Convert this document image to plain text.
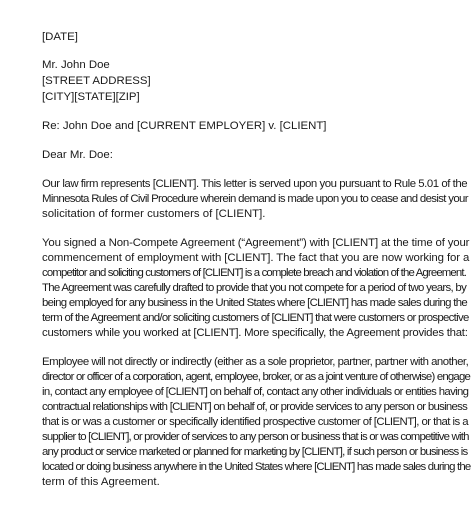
[DATE]
Mr. John Doe
[STREET ADDRESS]
[CITY][STATE][ZIP]
Re: John Doe and [CURRENT EMPLOYER] v. [CLIENT]
Dear Mr. Doe:
Our law firm represents [CLIENT]. This letter is served upon you pursuant to Rule 5.01 of the
Minnesota Rules of Civil Procedure wherein demand is made upon you to cease and desist your
solicitation of former customers of [CLIENT].
You signed a Non-Compete Agreement (“Agreement”) with [CLIENT] at the time of your
commencement of employment with [CLIENT]. The fact that you are now working for a
competitor and soliciting customers of [CLIENT] is a complete breach and violation of the Agreement.
The Agreement was carefully drafted to provide that you not compete for a period of two years, by
being employed for any business in the United States where [CLIENT] has made sales during the
term of the Agreement and/or soliciting customers of [CLIENT] that were customers or prospective
customers while you worked at [CLIENT]. More specifically, the Agreement provides that:
Employee will not directly or indirectly (either as a sole proprietor, partner, partner with another,
director or officer of a corporation, agent, employee, broker, or as a joint venture of otherwise) engage
in, contact any employee of [CLIENT] on behalf of, contact any other individuals or entities having
contractual relationships with [CLIENT] on behalf of, or provide services to any person or business
that is or was a customer or specifically identified prospective customer of [CLIENT], or that is a
supplier to [CLIENT], or provider of services to any person or business that is or was competitive with
any product or service marketed or planned for marketing by [CLIENT], if such person or business is
located or doing business anywhere in the United States where [CLIENT] has made sales during the
term of this Agreement.
